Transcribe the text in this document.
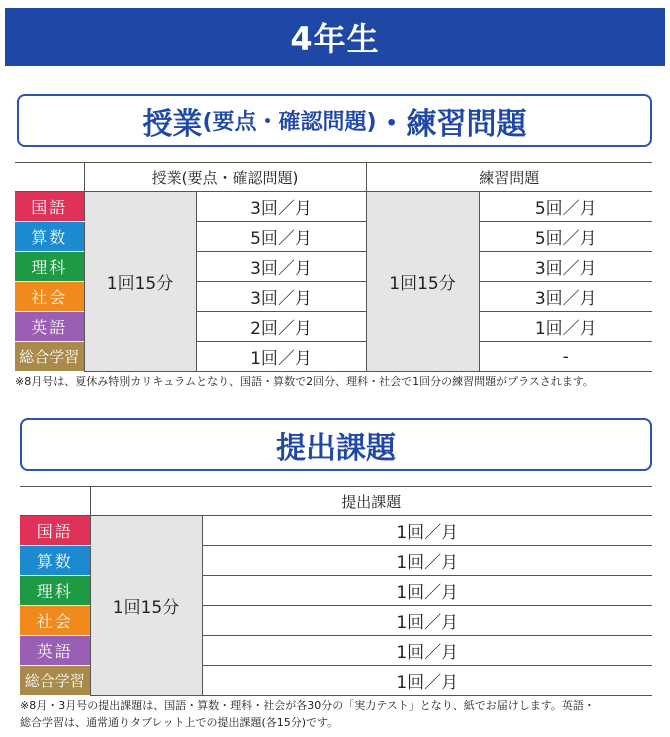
4年生
授業 (要点・確認問題) ・練習問題
	授業(要点・確認問題)		練習問題	
国語	1回15分	3回／月	1回15分	5回／月
算数		5回／月		5回／月
理科		3回／月		3回／月
社会		3回／月		3回／月
英語		2回／月		1回／月
総合学習		1回／月		-
※8月号は、夏休み特別カリキュラムとなり、国語・算数で2回分、理科・社会で1回分の練習問題がプラスされます。
提出課題
	提出課題	
国語	1回15分	1回／月
算数		1回／月
理科		1回／月
社会		1回／月
英語		1回／月
総合学習		1回／月
※8月・3月号の提出課題は、国語・算数・理科・社会が各30分の「実力テスト」となり、紙でお届けします。英語・
総合学習は、通常通りタブレット上での提出課題(各15分)です。
